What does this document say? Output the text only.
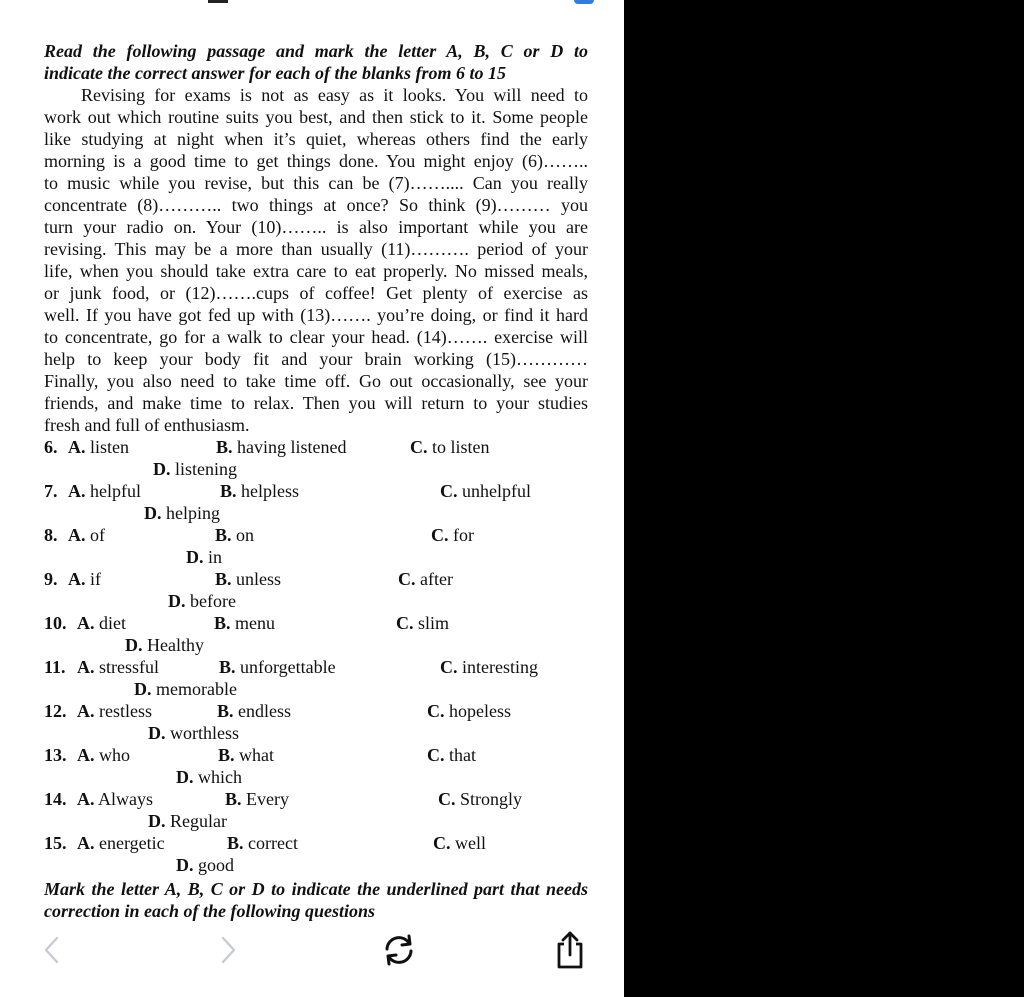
Read the following passage and mark the letter A, B, C or D to
indicate the correct answer for each of the blanks from 6 to 15
Revising for exams is not as easy as it looks. You will need to
work out which routine suits you best, and then stick to it. Some people
like studying at night when it’s quiet, whereas others find the early
morning is a good time to get things done. You might enjoy (6)……..
to music while you revise, but this can be (7)…….... Can you really
concentrate (8)……….. two things at once? So think (9)……… you
turn your radio on. Your (10)…….. is also important while you are
revising. This may be a more than usually (11)………. period of your
life, when you should take extra care to eat properly. No missed meals,
or junk food, or (12)…….cups of coffee! Get plenty of exercise as
well. If you have got fed up with (13)……. you’re doing, or find it hard
to concentrate, go for a walk to clear your head. (14)……. exercise will
help to keep your body fit and your brain working (15)…………
Finally, you also need to take time off. Go out occasionally, see your
friends, and make time to relax. Then you will return to your studies
fresh and full of enthusiasm.
6. A. listen	B. having listened	C. to listen
D. listening
7. A. helpful	B. helpless	C. unhelpful
D. helping
8. A. of	B. on	C. for
D. in
9. A. if	B. unless	C. after
D. before
10. A. diet	B. menu	C. slim
D. Healthy
11. A. stressful	B. unforgettable	C. interesting
D. memorable
12. A. restless	B. endless	C. hopeless
D. worthless
13. A. who	B. what	C. that
D. which
14. A. Always	B. Every	C. Strongly
D. Regular
15. A. energetic	B. correct	C. well
D. good
Mark the letter A, B, C or D to indicate the underlined part that needs
correction in each of the following questions
